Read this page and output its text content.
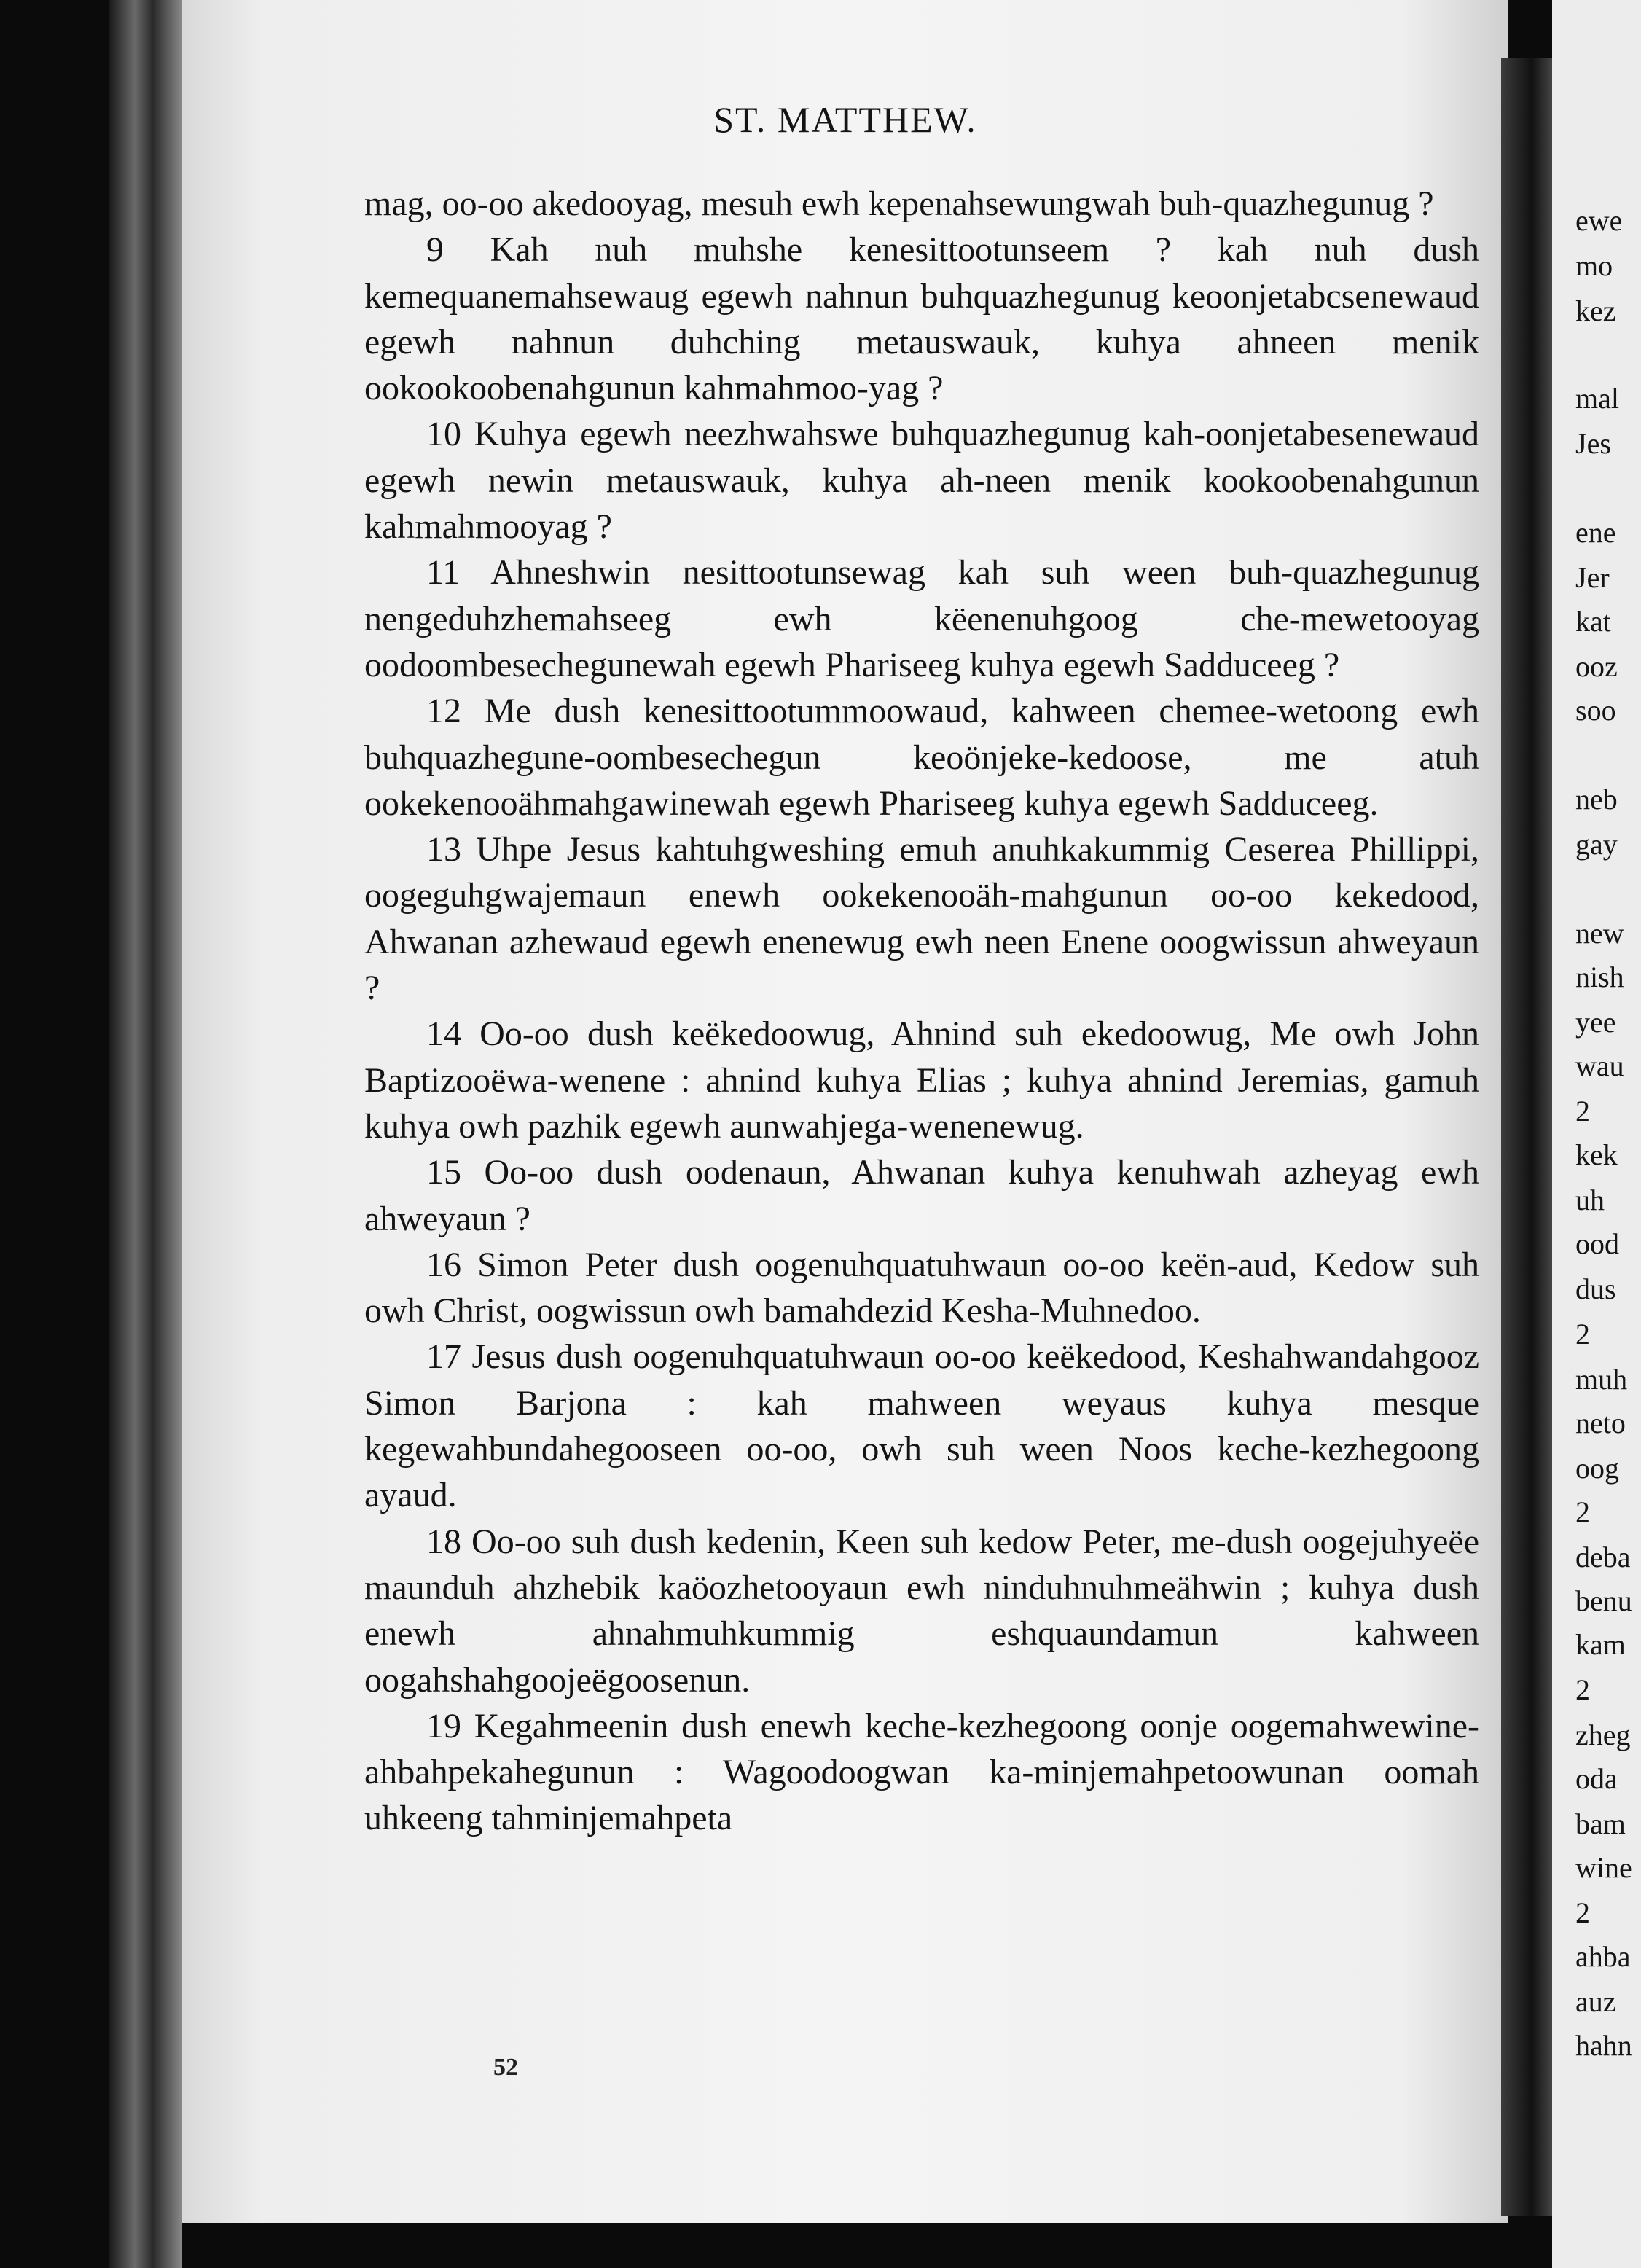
ewe
mo
kez
mal
Jes
ene
Jer
kat
ooz
soo
neb
gay
new
nish
yee
wau
2
kek
uh
ood
dus
2
muh
neto
oog
2
deba
benu
kam
2
zheg
oda
bam
wine
2
ahba
auz
hahn
ST. MATTHEW.

mag, oo-oo akedooyag, mesuh ewh kepenahsewungwah buh-quazhegunug ?

9 Kah nuh muhshe kenesittootunseem ? kah nuh dush kemequanemahsewaug egewh nahnun buhquazhegunug keoonjetabcsenewaud egewh nahnun duhching metauswauk, kuhya ahneen menik ookookoobenahgunun kahmahmoo-yag ?

10 Kuhya egewh neezhwahswe buhquazhegunug kah-oonjetabesenewaud egewh newin metauswauk, kuhya ah-neen menik kookoobenahgunun kahmahmooyag ?

11 Ahneshwin nesittootunsewag kah suh ween buh-quazhegunug nengeduhzhemahseeg ewh këenenuhgoog che-mewetooyag oodoombesechegunewah egewh Phariseeg kuhya egewh Sadduceeg ?

12 Me dush kenesittootummoowaud, kahween chemee-wetoong ewh buhquazhegune-oombesechegun keoönjeke-kedoose, me atuh ookekenooähmahgawinewah egewh Phariseeg kuhya egewh Sadduceeg.

13 Uhpe Jesus kahtuhgweshing emuh anuhkakummig Ceserea Phillippi, oogeguhgwajemaun enewh ookekenooäh-mahgunun oo-oo kekedood, Ahwanan azhewaud egewh enenewug ewh neen Enene ooogwissun ahweyaun ?

14 Oo-oo dush keëkedoowug, Ahnind suh ekedoowug, Me owh John Baptizooëwa-wenene : ahnind kuhya Elias ; kuhya ahnind Jeremias, gamuh kuhya owh pazhik egewh aunwahjega-wenenewug.

15 Oo-oo dush oodenaun, Ahwanan kuhya kenuhwah azheyag ewh ahweyaun ?

16 Simon Peter dush oogenuhquatuhwaun oo-oo keën-aud, Kedow suh owh Christ, oogwissun owh bamahdezid Kesha-Muhnedoo.

17 Jesus dush oogenuhquatuhwaun oo-oo keëkedood, Keshahwandahgooz Simon Barjona : kah mahween weyaus kuhya mesque kegewahbundahegooseen oo-oo, owh suh ween Noos keche-kezhegoong ayaud.

18 Oo-oo suh dush kedenin, Keen suh kedow Peter, me-dush oogejuhyeëe maunduh ahzhebik kaöozhetooyaun ewh ninduhnuhmeähwin ; kuhya dush enewh ahnahmuhkummig eshquaundamun kahween oogahshahgoojeëgoosenun.

19 Kegahmeenin dush enewh keche-kezhegoong oonje oogemahwewine-ahbahpekahegunun : Wagoodoogwan ka-minjemahpetoowunan oomah uhkeeng tahminjemahpeta

52
